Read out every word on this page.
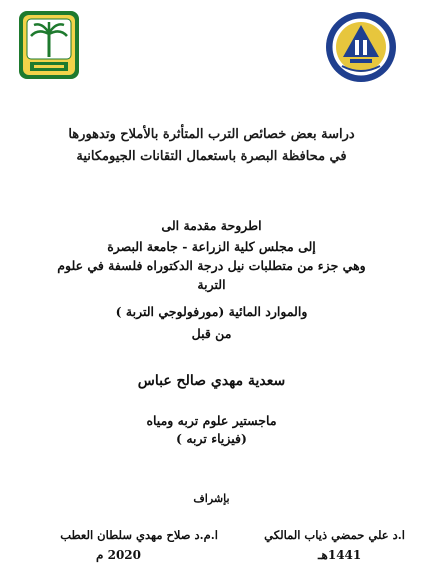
دراسة بعض خصائص الترب المتأثرة بالأملاح وتدهورها
في محافظة البصرة باستعمال التقانات الجيومكانية
اطروحة مقدمة الى
إلى مجلس كلية الزراعة - جامعة البصرة
وهي جزء من متطلبات نيل درجة الدكتوراه فلسفة في علوم
التربة
والموارد المائية (مورفولوجي التربة )
من قبل
سعدية مهدي صالح عباس
ماجستير علوم تربه ومياه
(فيزياء تربه )
بإشراف
ا.د علي حمضي ذياب المالكي
ا.م.د صلاح مهدي سلطان العطب
1441هـ
2020 م
